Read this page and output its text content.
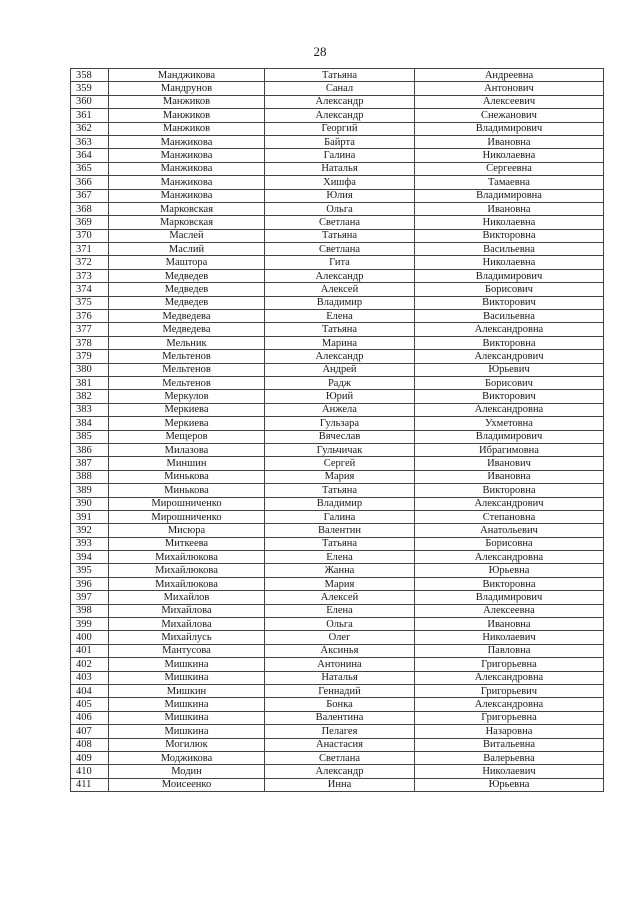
28
358	Манджикова	Татьяна	Андреевна
359	Мандрунов	Санал	Антонович
360	Манжиков	Александр	Алексеевич
361	Манжиков	Александр	Снежанович
362	Манжиков	Георгий	Владимирович
363	Манжикова	Байрта	Ивановна
364	Манжикова	Галина	Николаевна
365	Манжикова	Наталья	Сергеевна
366	Манжикова	Хишфа	Тамаевна
367	Манжикова	Юлия	Владимировна
368	Марковская	Ольга	Ивановна
369	Марковская	Светлана	Николаевна
370	Маслей	Татьяна	Викторовна
371	Маслий	Светлана	Васильевна
372	Маштора	Гита	Николаевна
373	Медведев	Александр	Владимирович
374	Медведев	Алексей	Борисович
375	Медведев	Владимир	Викторович
376	Медведева	Елена	Васильевна
377	Медведева	Татьяна	Александровна
378	Мельник	Марина	Викторовна
379	Мельтенов	Александр	Александрович
380	Мельтенов	Андрей	Юрьевич
381	Мельтенов	Радж	Борисович
382	Меркулов	Юрий	Викторович
383	Меркиева	Анжела	Александровна
384	Меркиева	Гульзара	Ухметовна
385	Мещеров	Вячеслав	Владимирович
386	Милазова	Гульчичак	Ибрагимовна
387	Миншин	Сергей	Иванович
388	Минькова	Мария	Ивановна
389	Минькова	Татьяна	Викторовна
390	Мирошниченко	Владимир	Александрович
391	Мирошниченко	Галина	Степановна
392	Мисюра	Валентин	Анатольевич
393	Миткеева	Татьяна	Борисовна
394	Михайлюкова	Елена	Александровна
395	Михайлюкова	Жанна	Юрьевна
396	Михайлюкова	Мария	Викторовна
397	Михайлов	Алексей	Владимирович
398	Михайлова	Елена	Алексеевна
399	Михайлова	Ольга	Ивановна
400	Михайлусь	Олег	Николаевич
401	Мантусова	Аксинья	Павловна
402	Мишкина	Антонина	Григорьевна
403	Мишкина	Наталья	Александровна
404	Мишкин	Геннадий	Григорьевич
405	Мишкина	Бонка	Александровна
406	Мишкина	Валентина	Григорьевна
407	Мишкина	Пелагея	Назаровна
408	Могилюк	Анастасия	Витальевна
409	Моджикова	Светлана	Валерьевна
410	Модин	Александр	Николаевич
411	Моисеенко	Инна	Юрьевна
